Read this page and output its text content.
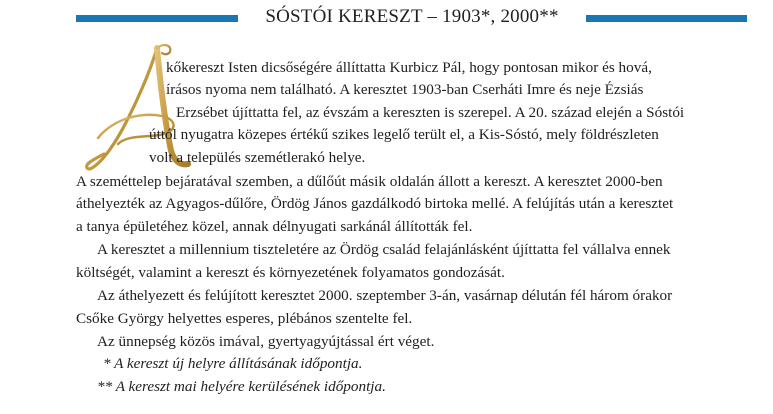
SÓSTÓI KERESZT – 1903*, 2000**
kőkereszt Isten dicsőségére állíttatta Kurbicz Pál, hogy pontosan mikor és hová,
írásos nyoma nem található. A keresztet 1903-ban Cserháti Imre és neje Ézsiás
Erzsébet újíttatta fel, az évszám a kereszten is szerepel. A 20. század elején a Sóstói
úttól nyugatra közepes értékű szikes legelő terült el, a Kis-Sóstó, mely földrészleten
volt a település szemétlerakó helye.
A szeméttelep bejáratával szemben, a dűlőút másik oldalán állott a kereszt. A keresztet 2000-ben
áthelyezték az Agyagos-dűlőre, Ördög János gazdálkodó birtoka mellé. A felújítás után a keresztet
a tanya épületéhez közel, annak délnyugati sarkánál állították fel.
A keresztet a millennium tiszteletére az Ördög család felajánlásként újíttatta fel vállalva ennek
költségét, valamint a kereszt és környezetének folyamatos gondozását.
Az áthelyezett és felújított keresztet 2000. szeptember 3-án, vasárnap délután fél három órakor
Csőke György helyettes esperes, plébános szentelte fel.
Az ünnepség közös imával, gyertyagyújtással ért véget.
* A kereszt új helyre állításának időpontja.
** A kereszt mai helyére kerülésének időpontja.
